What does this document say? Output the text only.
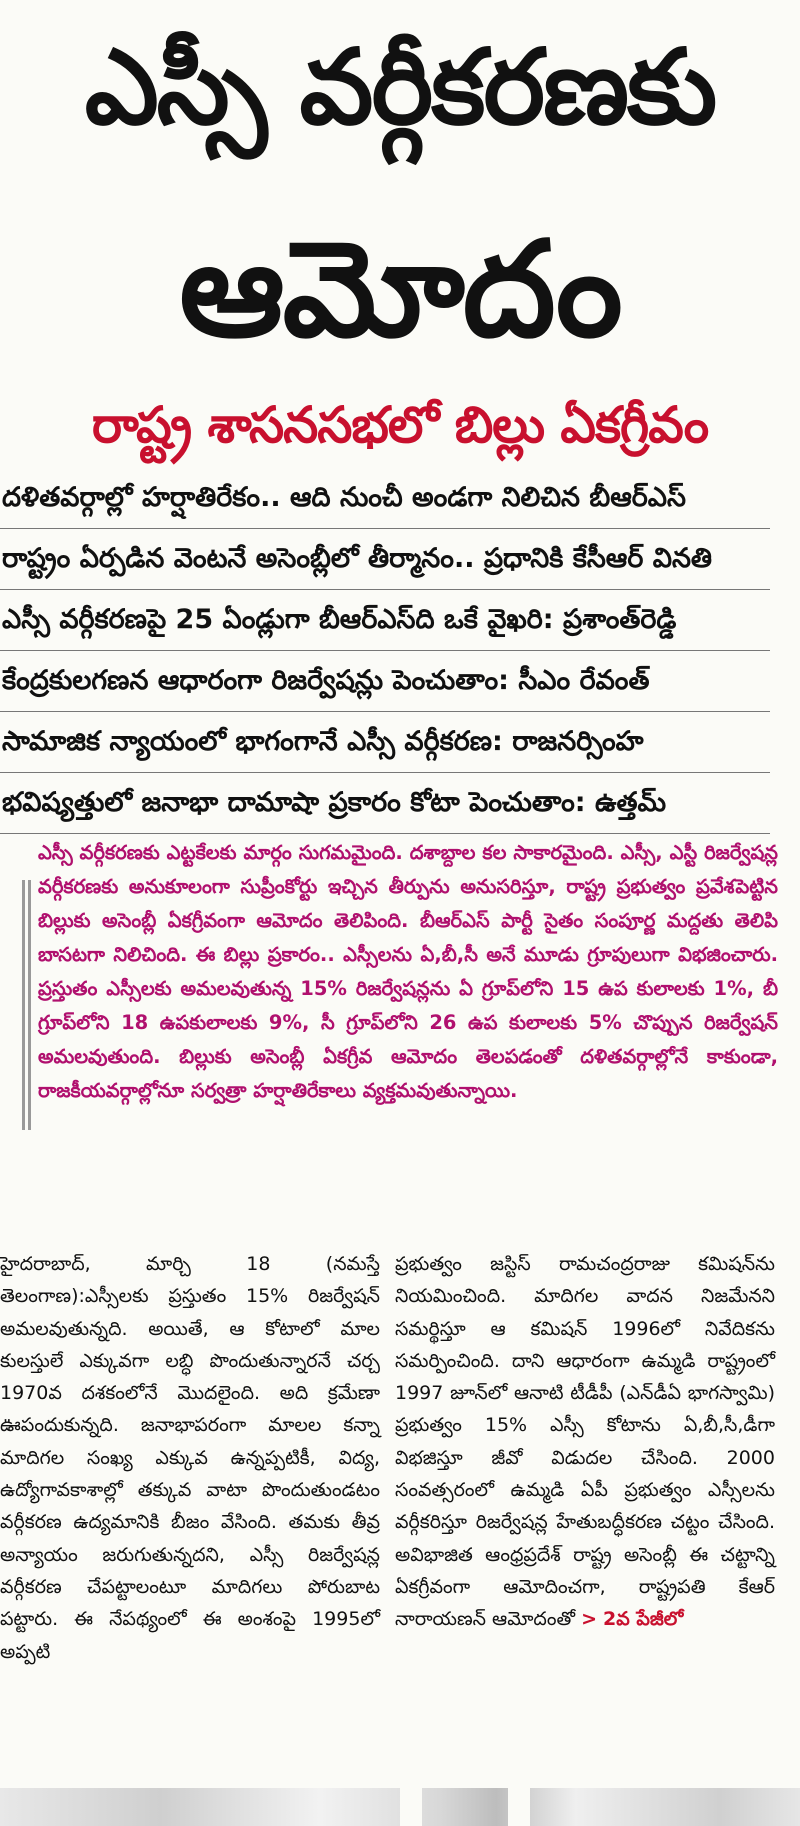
ఎస్సీ వర్గీకరణకు
ఆమోదం
రాష్ట్ర శాసనసభలో బిల్లు ఏకగ్రీవం
దళితవర్గాల్లో హర్షాతిరేకం.. ఆది నుంచీ అండగా నిలిచిన బీఆర్ఎస్
రాష్ట్రం ఏర్పడిన వెంటనే అసెంబ్లీలో తీర్మానం.. ప్రధానికి కేసీఆర్ వినతి
ఎస్సీ వర్గీకరణపై 25 ఏండ్లుగా బీఆర్ఎస్‌ది ఒకే వైఖరి: ప్రశాంత్‌రెడ్డి
కేంద్రకులగణన ఆధారంగా రిజర్వేషన్లు పెంచుతాం: సీఎం రేవంత్
సామాజిక న్యాయంలో భాగంగానే ఎస్సీ వర్గీకరణ: రాజనర్సింహ
భవిష్యత్తులో జనాభా దామాషా ప్రకారం కోటా పెంచుతాం: ఉత్తమ్
ఎస్సీ వర్గీకరణకు ఎట్టకేలకు మార్గం సుగమమైంది. దశాబ్దాల కల సాకారమైంది. ఎస్సీ, ఎస్టీ రిజర్వేషన్ల వర్గీకరణకు అనుకూలంగా సుప్రీంకోర్టు ఇచ్చిన తీర్పును అనుసరిస్తూ, రాష్ట్ర ప్రభుత్వం ప్రవేశపెట్టిన బిల్లుకు అసెంబ్లీ ఏకగ్రీవంగా ఆమోదం తెలిపింది. బీఆర్ఎస్ పార్టీ సైతం సంపూర్ణ మద్దతు తెలిపి బాసటగా నిలిచింది. ఈ బిల్లు ప్రకారం.. ఎస్సీలను ఏ,బీ,సీ అనే మూడు గ్రూపులుగా విభజించారు. ప్రస్తుతం ఎస్సీలకు అమలవుతున్న 15% రిజర్వేషన్లను ఏ గ్రూప్‌లోని 15 ఉప కులాలకు 1%, బీ గ్రూప్‌లోని 18 ఉపకులాలకు 9%, సీ గ్రూప్‌లోని 26 ఉప కులాలకు 5% చొప్పున రిజర్వేషన్ అమలవుతుంది. బిల్లుకు అసెంబ్లీ ఏకగ్రీవ ఆమోదం తెలపడంతో దళితవర్గాల్లోనే కాకుండా, రాజకీయవర్గాల్లోనూ సర్వత్రా హర్షాతిరేకాలు వ్యక్తమవుతున్నాయి.
హైదరాబాద్, మార్చి 18 (నమస్తే తెలంగాణ):ఎస్సీలకు ప్రస్తుతం 15% రిజర్వేషన్ అమలవుతున్నది. అయితే, ఆ కోటాలో మాల కులస్తులే ఎక్కువగా లబ్ధి పొందుతున్నారనే చర్చ 1970వ దశకంలోనే మొదలైంది. అది క్రమేణా ఊపందుకున్నది. జనాభాపరంగా మాలల కన్నా మాదిగల సంఖ్య ఎక్కువ ఉన్నప్పటికీ, విద్య, ఉద్యోగావకాశాల్లో తక్కువ వాటా పొందుతుండటం వర్గీకరణ ఉద్యమానికి బీజం వేసింది. తమకు తీవ్ర అన్యాయం జరుగుతున్నదని, ఎస్సీ రిజర్వేషన్ల వర్గీకరణ చేపట్టాలంటూ మాదిగలు పోరుబాట పట్టారు. ఈ నేపథ్యంలో ఈ అంశంపై 1995లో అప్పటి
ప్రభుత్వం జస్టిస్ రామచంద్రరాజు కమిషన్‌ను నియమించింది. మాదిగల వాదన నిజమేనని సమర్థిస్తూ ఆ కమిషన్ 1996లో నివేదికను సమర్పించింది. దాని ఆధారంగా ఉమ్మడి రాష్ట్రంలో 1997 జూన్‌లో ఆనాటి టీడీపీ (ఎన్‌డీఏ భాగస్వామి) ప్రభుత్వం 15% ఎస్సీ కోటాను ఏ,బీ,సీ,డీగా విభజిస్తూ జీవో విడుదల చేసింది. 2000 సంవత్సరంలో ఉమ్మడి ఏపీ ప్రభుత్వం ఎస్సీలను వర్గీకరిస్తూ రిజర్వేషన్ల హేతుబద్ధీకరణ చట్టం చేసింది. అవిభాజిత ఆంధ్రప్రదేశ్ రాష్ట్ర అసెంబ్లీ ఈ చట్టాన్ని ఏకగ్రీవంగా ఆమోదించగా, రాష్ట్రపతి కేఆర్ నారాయణన్ ఆమోదంతో > 2వ పేజీలో
